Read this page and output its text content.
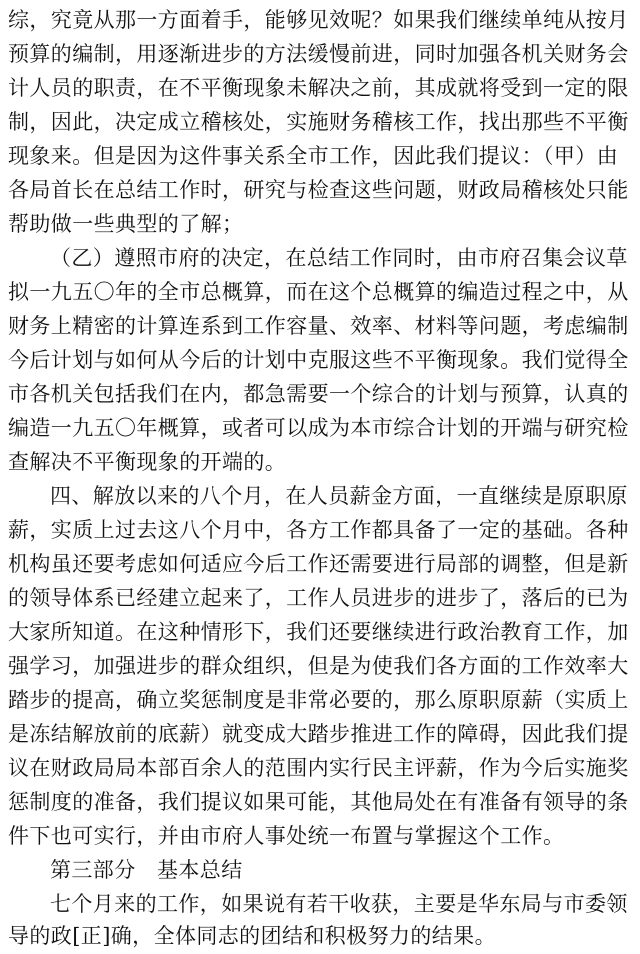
综，究竟从那一方面着手，能够见效呢？如果我们继续单纯从按月
预算的编制，用逐渐进步的方法缓慢前进，同时加强各机关财务会
计人员的职责，在不平衡现象未解决之前，其成就将受到一定的限
制，因此，决定成立稽核处，实施财务稽核工作，找出那些不平衡
现象来。但是因为这件事关系全市工作，因此我们提议：（甲）由
各局首长在总结工作时，研究与检查这些问题，财政局稽核处只能
帮助做一些典型的了解；
（乙）遵照市府的决定，在总结工作同时，由市府召集会议草
拟一九五〇年的全市总概算，而在这个总概算的编造过程之中，从
财务上精密的计算连系到工作容量、效率、材料等问题，考虑编制
今后计划与如何从今后的计划中克服这些不平衡现象。我们觉得全
市各机关包括我们在内，都急需要一个综合的计划与预算，认真的
编造一九五〇年概算，或者可以成为本市综合计划的开端与研究检
查解决不平衡现象的开端的。
四、解放以来的八个月，在人员薪金方面，一直继续是原职原
薪，实质上过去这八个月中，各方工作都具备了一定的基础。各种
机构虽还要考虑如何适应今后工作还需要进行局部的调整，但是新
的领导体系已经建立起来了，工作人员进步的进步了，落后的已为
大家所知道。在这种情形下，我们还要继续进行政治教育工作，加
强学习，加强进步的群众组织，但是为使我们各方面的工作效率大
踏步的提高，确立奖惩制度是非常必要的，那么原职原薪（实质上
是冻结解放前的底薪）就变成大踏步推进工作的障碍，因此我们提
议在财政局局本部百余人的范围内实行民主评薪，作为今后实施奖
惩制度的准备，我们提议如果可能，其他局处在有准备有领导的条
件下也可实行，并由市府人事处统一布置与掌握这个工作。
第三部分　基本总结
七个月来的工作，如果说有若干收获，主要是华东局与市委领
导的政[正]确，全体同志的团结和积极努力的结果。
